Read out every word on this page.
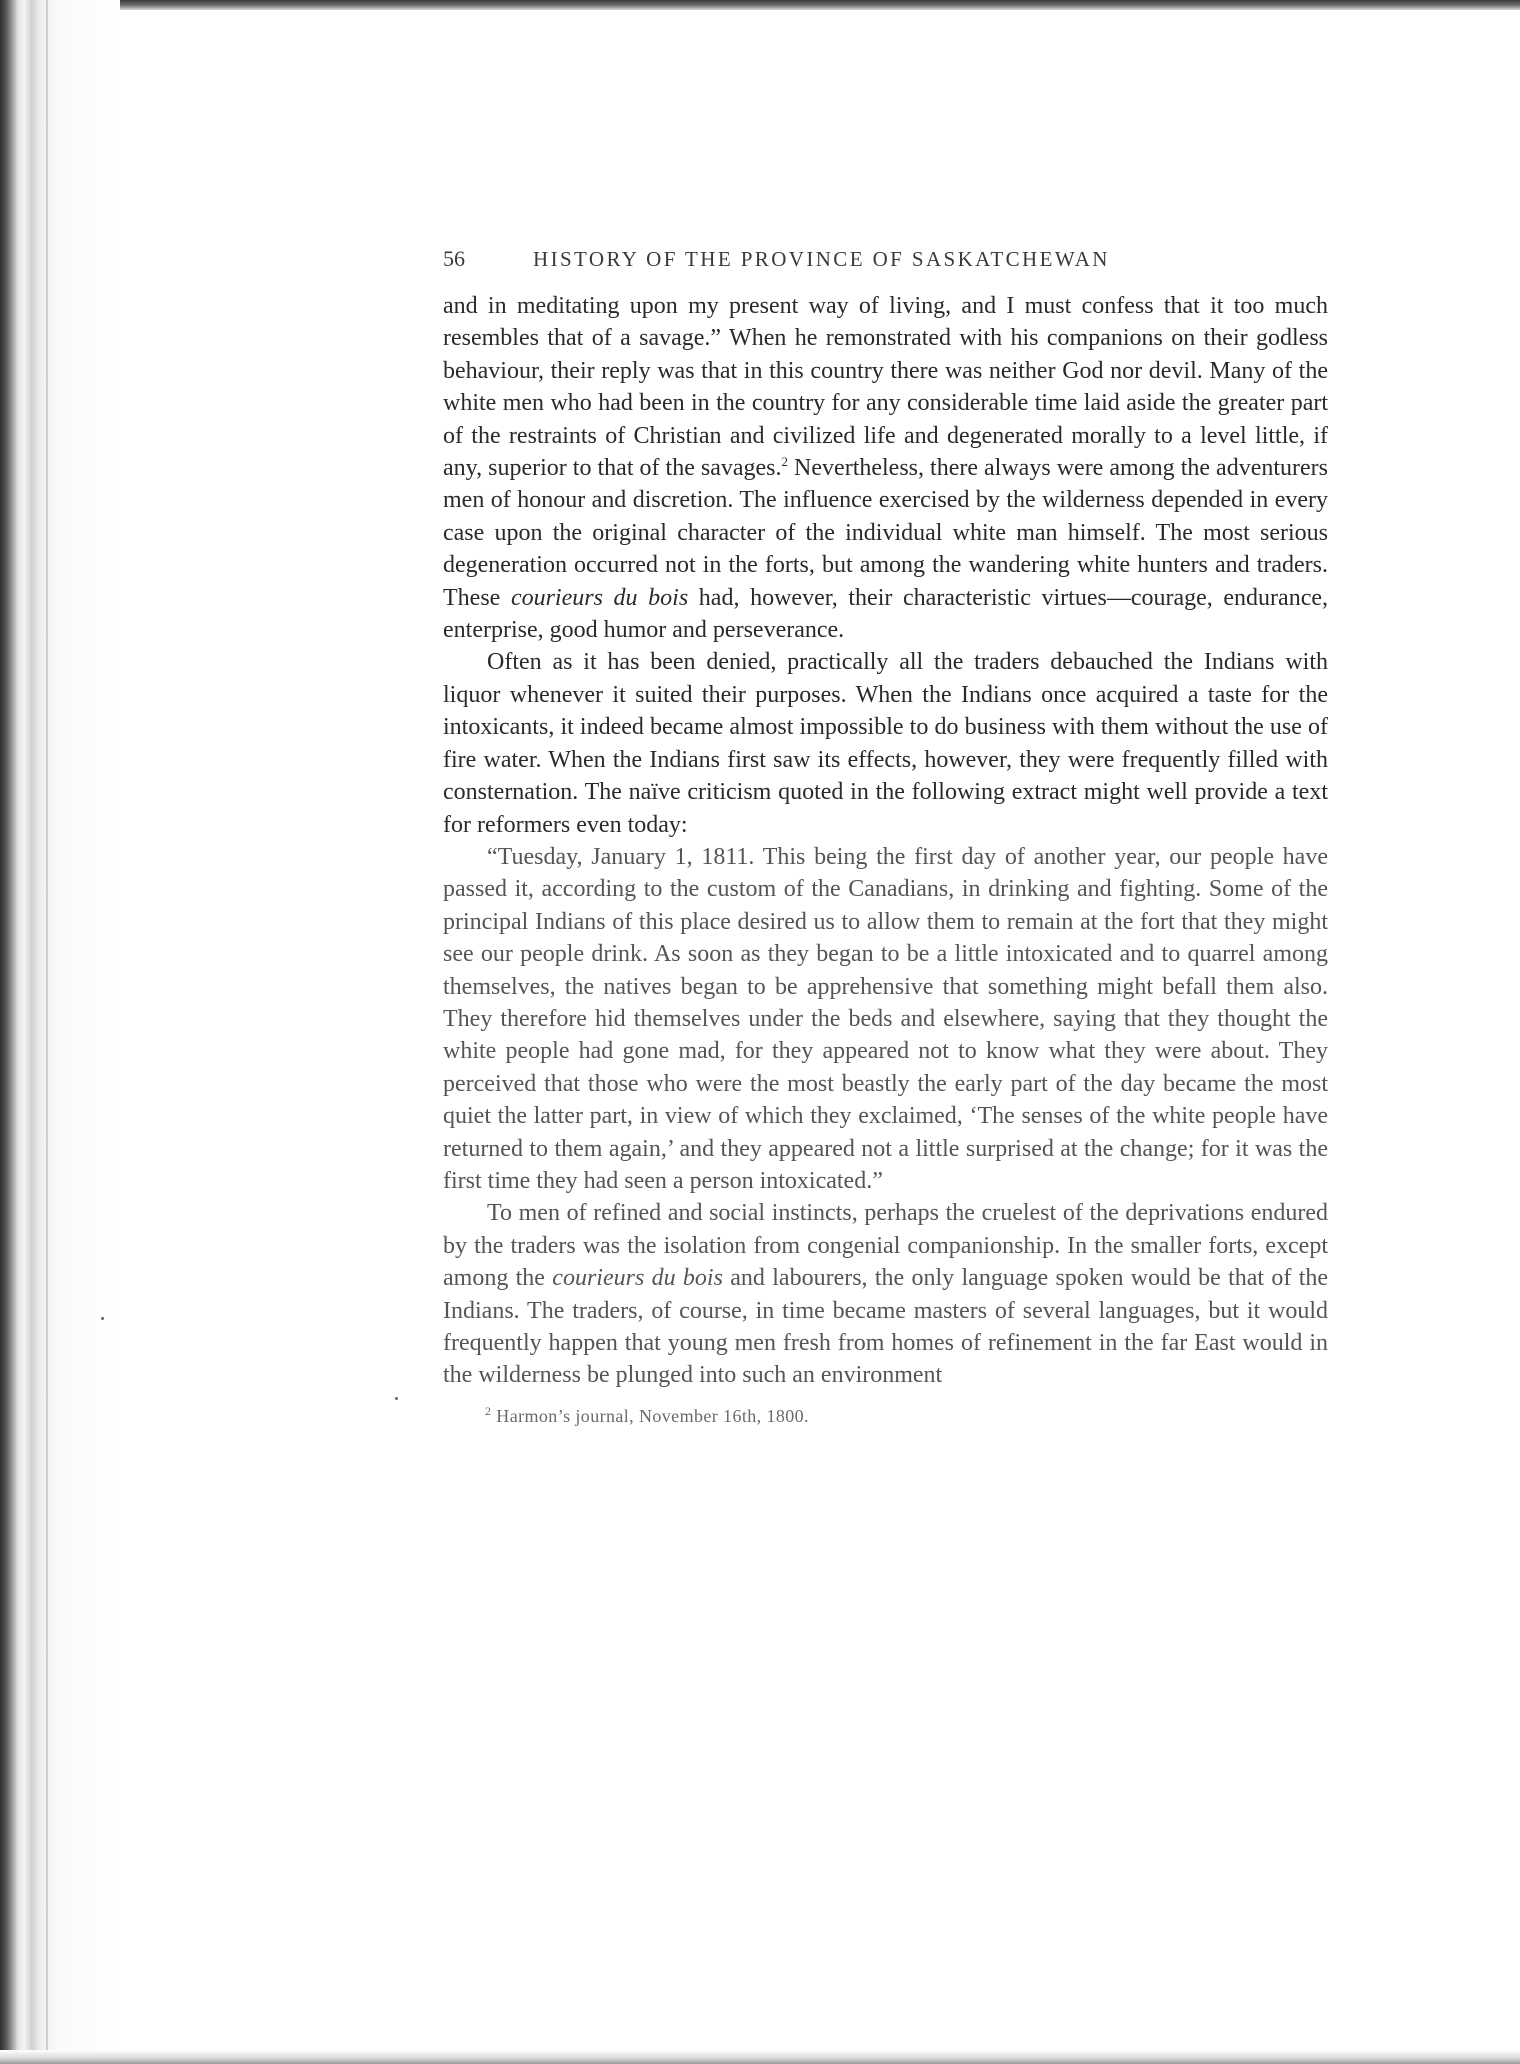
56	HISTORY OF THE PROVINCE OF SASKATCHEWAN

and in meditating upon my present way of living, and I must confess that it too much resembles that of a savage.” When he remonstrated with his companions on their godless behaviour, their reply was that in this country there was neither God nor devil. Many of the white men who had been in the country for any considerable time laid aside the greater part of the restraints of Christian and civilized life and degenerated morally to a level little, if any, superior to that of the savages.$^2$ Nevertheless, there always were among the adventurers men of honour and discretion. The influence exercised by the wilderness depended in every case upon the original character of the individual white man himself. The most serious degeneration occurred not in the forts, but among the wandering white hunters and traders. These courieurs du bois had, however, their characteristic virtues—courage, endurance, enterprise, good humor and perseverance.

Often as it has been denied, practically all the traders debauched the Indians with liquor whenever it suited their purposes. When the Indians once acquired a taste for the intoxicants, it indeed became almost impossible to do business with them without the use of fire water. When the Indians first saw its effects, however, they were frequently filled with consternation. The naïve criticism quoted in the following extract might well provide a text for reformers even today:

“Tuesday, January 1, 1811. This being the first day of another year, our people have passed it, according to the custom of the Canadians, in drinking and fighting. Some of the principal Indians of this place desired us to allow them to remain at the fort that they might see our people drink. As soon as they began to be a little intoxicated and to quarrel among themselves, the natives began to be apprehensive that something might befall them also. They therefore hid themselves under the beds and elsewhere, saying that they thought the white people had gone mad, for they appeared not to know what they were about. They perceived that those who were the most beastly the early part of the day became the most quiet the latter part, in view of which they exclaimed, ‘The senses of the white people have returned to them again,’ and they appeared not a little surprised at the change; for it was the first time they had seen a person intoxicated.”

To men of refined and social instincts, perhaps the cruelest of the deprivations endured by the traders was the isolation from congenial companionship. In the smaller forts, except among the courieurs du bois and labourers, the only language spoken would be that of the Indians. The traders, of course, in time became masters of several languages, but it would frequently happen that young men fresh from homes of refinement in the far East would in the wilderness be plunged into such an environment

$^2$ Harmon’s journal, November 16th, 1800.
